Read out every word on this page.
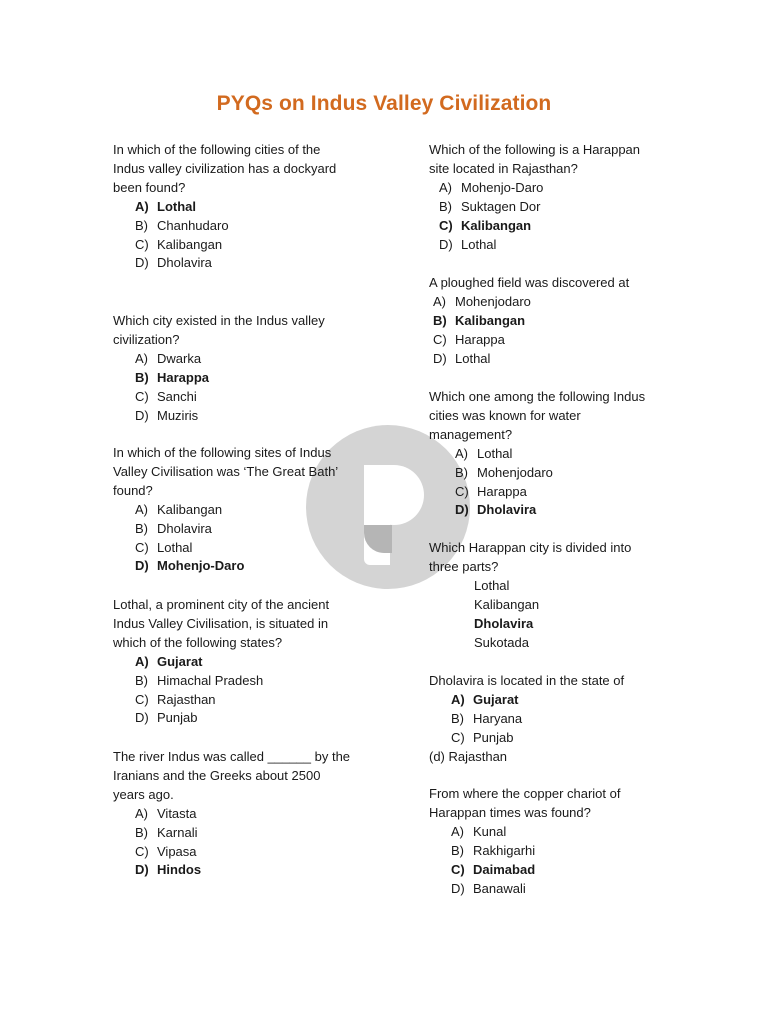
PYQs on Indus Valley Civilization
In which of the following cities of the
Indus valley civilization has a dockyard
been found?
A) Lothal
B) Chanhudaro
C) Kalibangan
D) Dholavira
Which city existed in the Indus valley
civilization?
A) Dwarka
B) Harappa
C) Sanchi
D) Muziris
In which of the following sites of Indus
Valley Civilisation was ‘The Great Bath’
found?
A) Kalibangan
B) Dholavira
C) Lothal
D) Mohenjo-Daro
Lothal, a prominent city of the ancient
Indus Valley Civilisation, is situated in
which of the following states?
A) Gujarat
B) Himachal Pradesh
C) Rajasthan
D) Punjab
The river Indus was called ______ by the
Iranians and the Greeks about 2500
years ago.
A) Vitasta
B) Karnali
C) Vipasa
D) Hindos
Which of the following is a Harappan
site located in Rajasthan?
A) Mohenjo-Daro
B) Suktagen Dor
C) Kalibangan
D) Lothal
A ploughed field was discovered at
A) Mohenjodaro
B) Kalibangan
C) Harappa
D) Lothal
Which one among the following Indus
cities was known for water
management?
A) Lothal
B) Mohenjodaro
C) Harappa
D) Dholavira
Which Harappan city is divided into
three parts?
Lothal
Kalibangan
Dholavira
Sukotada
Dholavira is located in the state of
A) Gujarat
B) Haryana
C) Punjab
(d) Rajasthan
From where the copper chariot of
Harappan times was found?
A) Kunal
B) Rakhigarhi
C) Daimabad
D) Banawali
